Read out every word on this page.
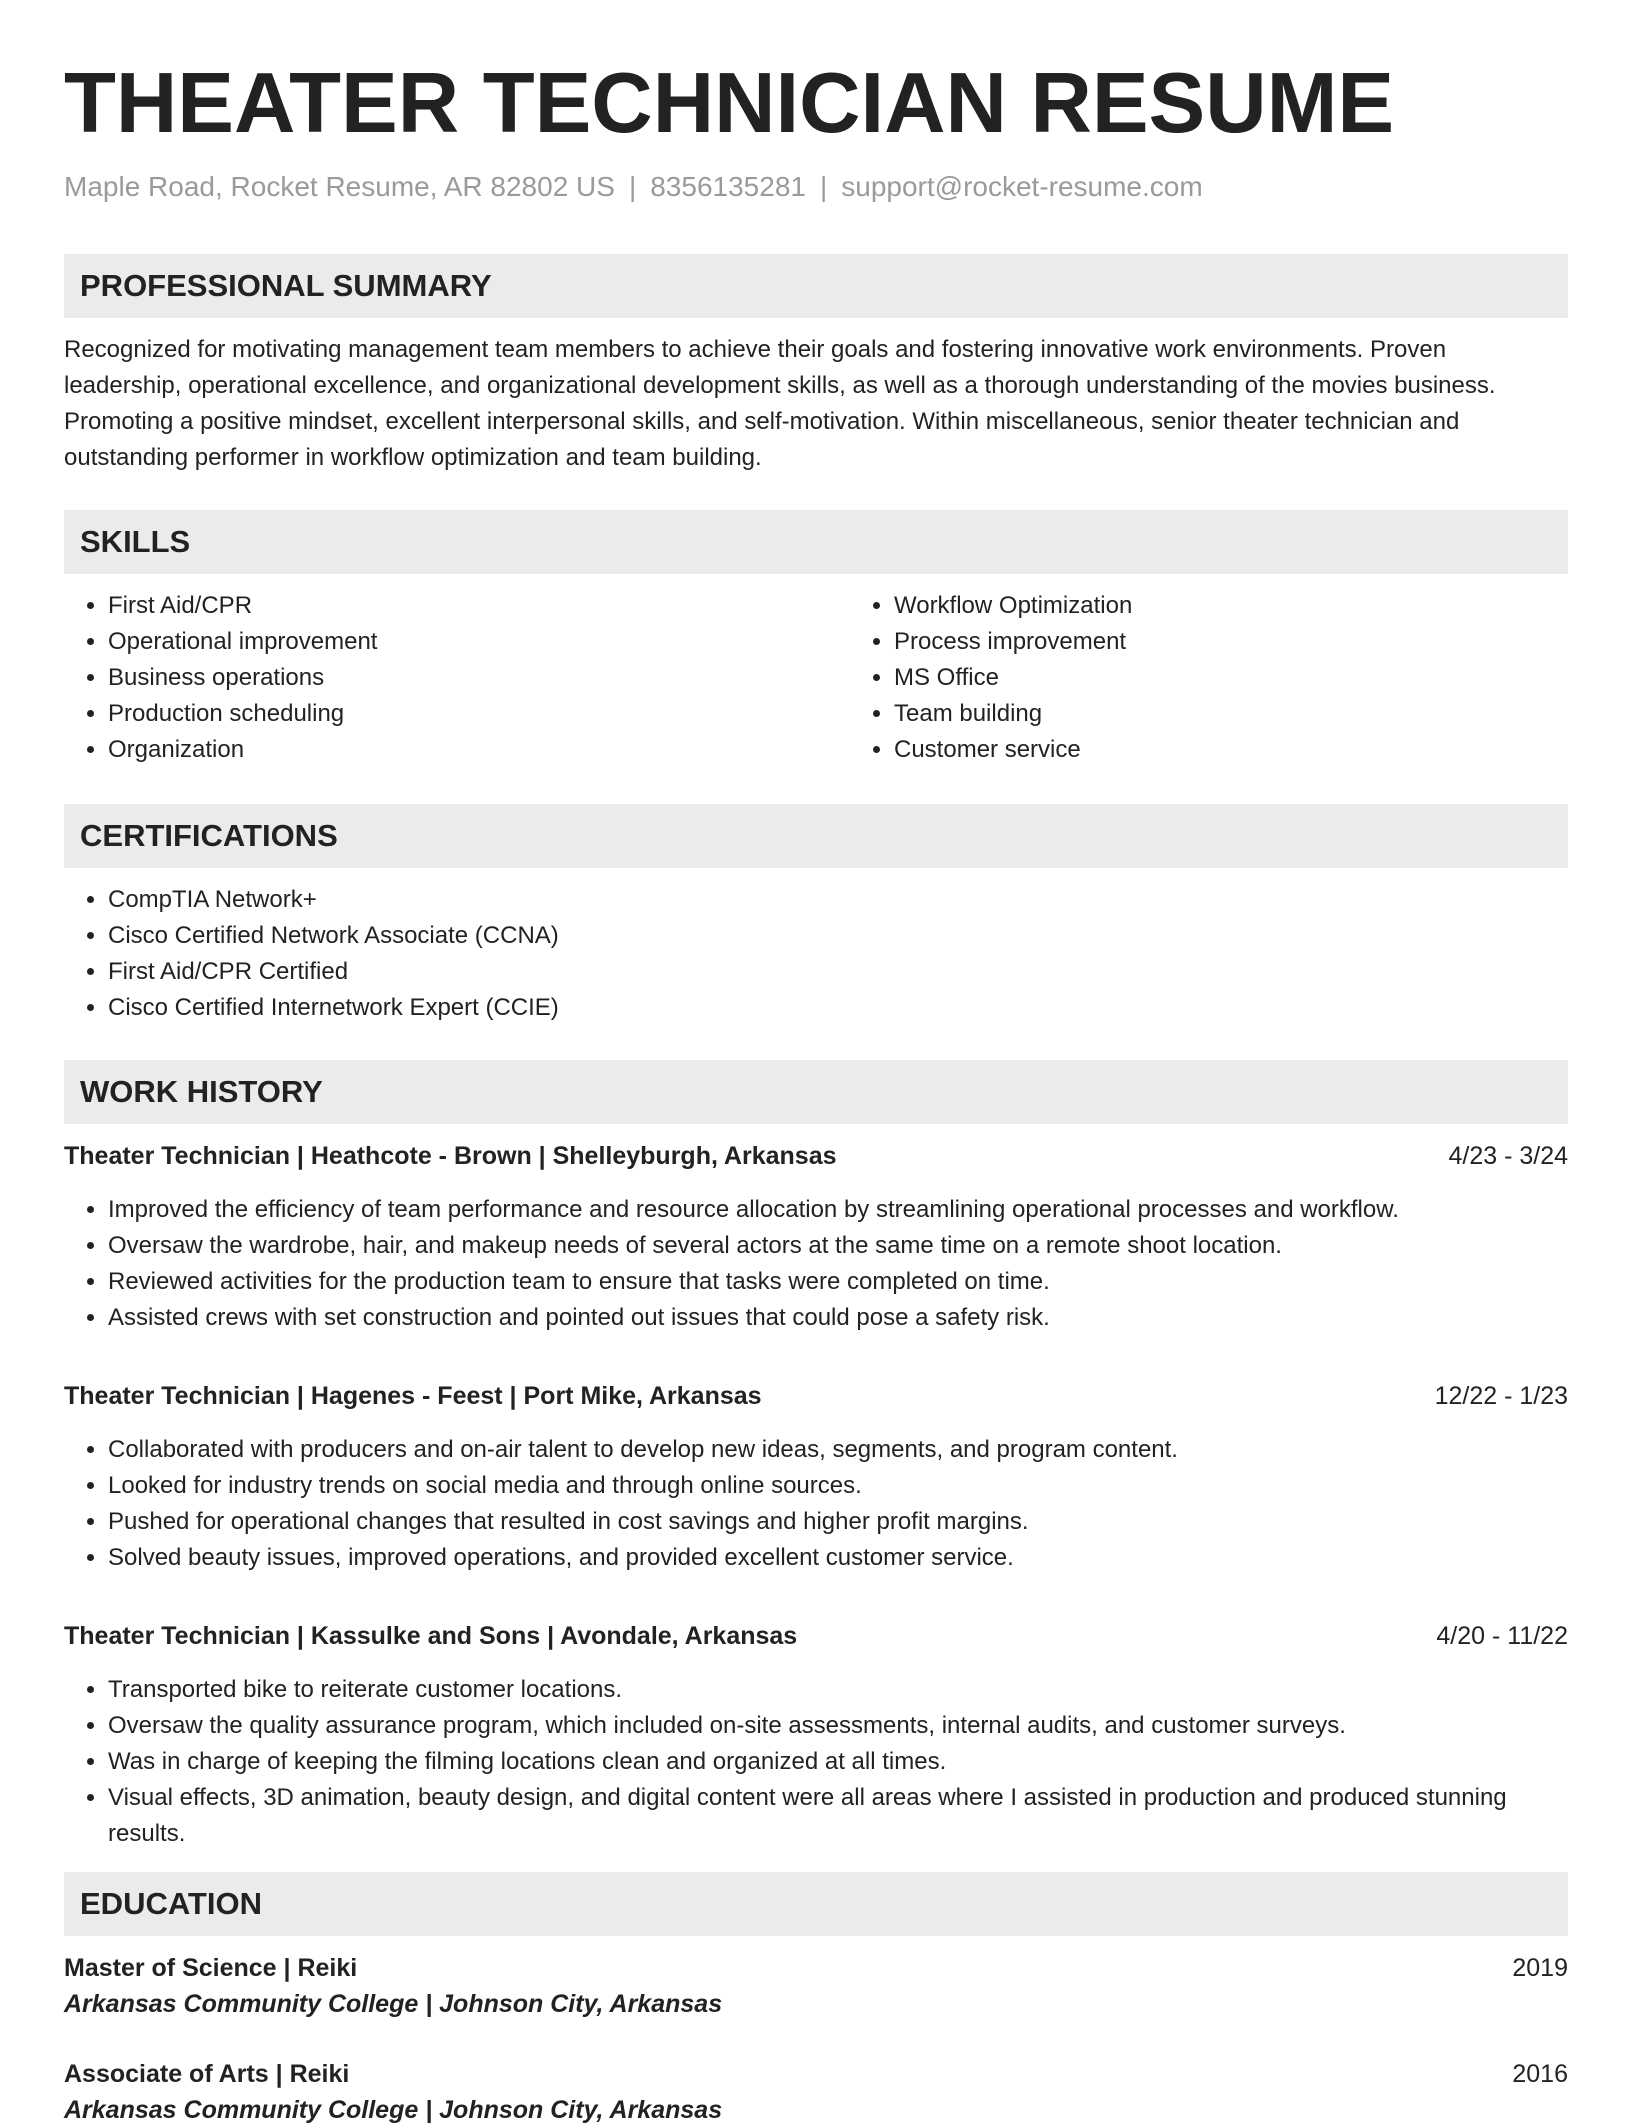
THEATER TECHNICIAN RESUME
Maple Road, Rocket Resume, AR 82802 US | 8356135281 | support@rocket-resume.com
PROFESSIONAL SUMMARY
Recognized for motivating management team members to achieve their goals and fostering innovative work environments. Proven leadership, operational excellence, and organizational development skills, as well as a thorough understanding of the movies business. Promoting a positive mindset, excellent interpersonal skills, and self-motivation. Within miscellaneous, senior theater technician and outstanding performer in workflow optimization and team building.
SKILLS
• First Aid/CPR
• Operational improvement
• Business operations
• Production scheduling
• Organization
• Workflow Optimization
• Process improvement
• MS Office
• Team building
• Customer service
CERTIFICATIONS
• CompTIA Network+
• Cisco Certified Network Associate (CCNA)
• First Aid/CPR Certified
• Cisco Certified Internetwork Expert (CCIE)
WORK HISTORY
Theater Technician | Heathcote - Brown | Shelleyburgh, Arkansas	4/23 - 3/24
• Improved the efficiency of team performance and resource allocation by streamlining operational processes and workflow.
• Oversaw the wardrobe, hair, and makeup needs of several actors at the same time on a remote shoot location.
• Reviewed activities for the production team to ensure that tasks were completed on time.
• Assisted crews with set construction and pointed out issues that could pose a safety risk.
Theater Technician | Hagenes - Feest | Port Mike, Arkansas	12/22 - 1/23
• Collaborated with producers and on-air talent to develop new ideas, segments, and program content.
• Looked for industry trends on social media and through online sources.
• Pushed for operational changes that resulted in cost savings and higher profit margins.
• Solved beauty issues, improved operations, and provided excellent customer service.
Theater Technician | Kassulke and Sons | Avondale, Arkansas	4/20 - 11/22
• Transported bike to reiterate customer locations.
• Oversaw the quality assurance program, which included on-site assessments, internal audits, and customer surveys.
• Was in charge of keeping the filming locations clean and organized at all times.
• Visual effects, 3D animation, beauty design, and digital content were all areas where I assisted in production and produced stunning results.
EDUCATION
Master of Science | Reiki	2019
Arkansas Community College | Johnson City, Arkansas
Associate of Arts | Reiki	2016
Arkansas Community College | Johnson City, Arkansas
